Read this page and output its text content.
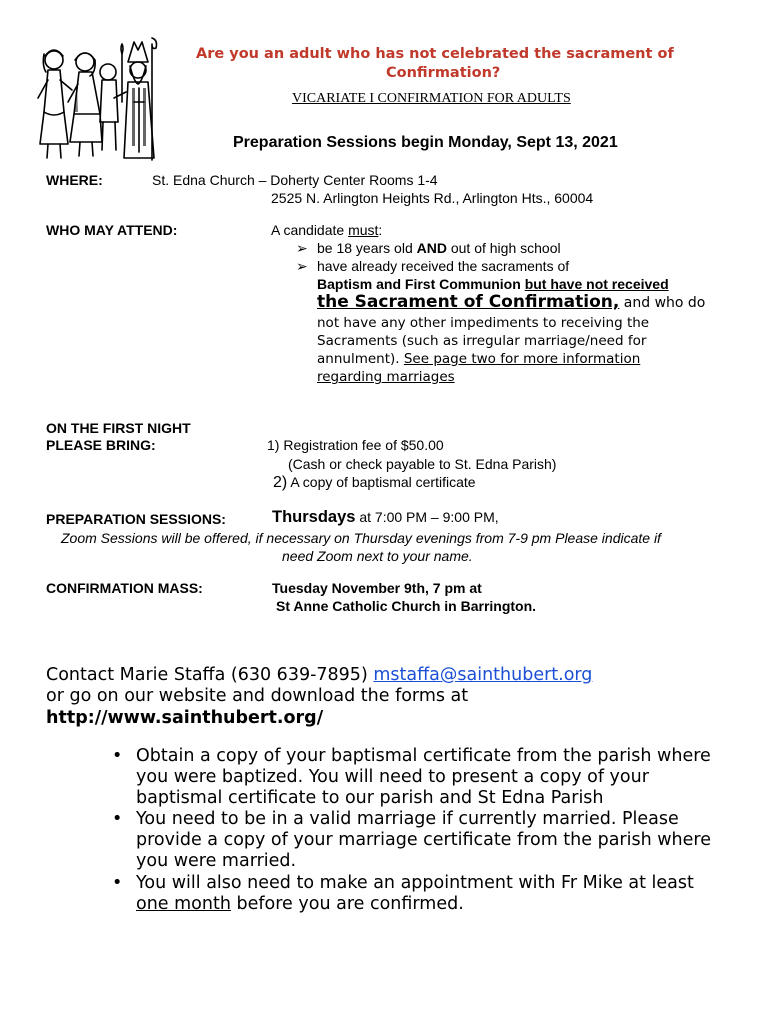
Are you an adult who has not celebrated the sacrament of
Confirmation?
VICARIATE I CONFIRMATION FOR ADULTS
Preparation Sessions begin Monday, Sept 13, 2021
WHERE:	St. Edna Church – Doherty Center Rooms 1-4
2525 N. Arlington Heights Rd., Arlington Hts., 60004
WHO MAY ATTEND:	A candidate must:
➢ be 18 years old AND out of high school
➢ have already received the sacraments of
Baptism and First Communion but have not received
the Sacrament of Confirmation, and who do
not have any other impediments to receiving the
Sacraments (such as irregular marriage/need for
annulment). See page two for more information
regarding marriages
ON THE FIRST NIGHT
PLEASE BRING:	1) Registration fee of $50.00
(Cash or check payable to St. Edna Parish)
2) A copy of baptismal certificate
PREPARATION SESSIONS:	Thursdays at 7:00 PM – 9:00 PM,
Zoom Sessions will be offered, if necessary on Thursday evenings from 7-9 pm Please indicate if
need Zoom next to your name.
CONFIRMATION MASS:	Tuesday November 9th, 7 pm at
St Anne Catholic Church in Barrington.
Contact Marie Staffa (630 639-7895) mstaffa@sainthubert.org
or go on our website and download the forms at
http://www.sainthubert.org/
• Obtain a copy of your baptismal certificate from the parish where
you were baptized. You will need to present a copy of your
baptismal certificate to our parish and St Edna Parish
• You need to be in a valid marriage if currently married. Please
provide a copy of your marriage certificate from the parish where
you were married.
• You will also need to make an appointment with Fr Mike at least
one month before you are confirmed.
